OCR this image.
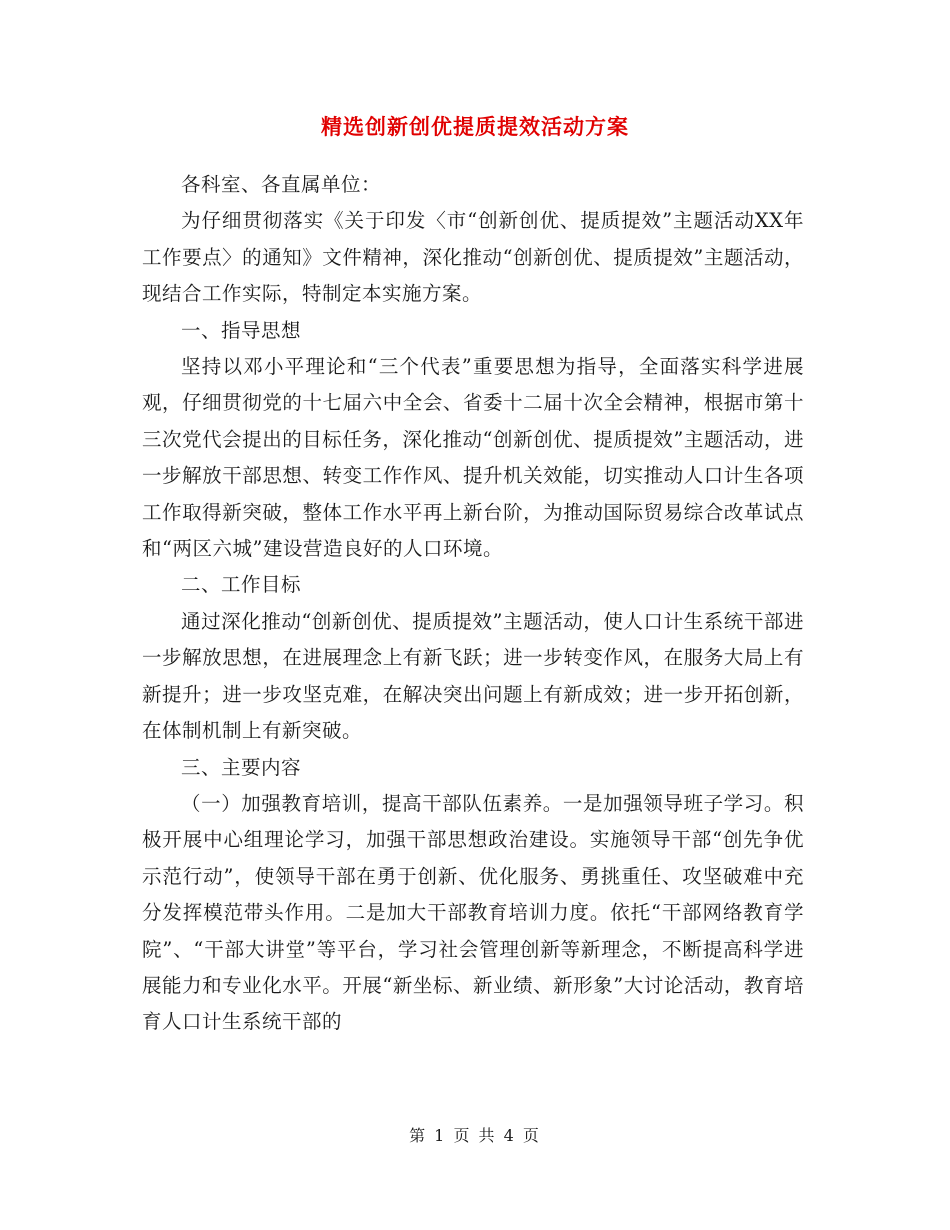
精选创新创优提质提效活动方案

各科室、各直属单位：

为仔细贯彻落实《关于印发〈市“创新创优、提质提效”主题活动XX年工作要点〉的通知》文件精神，深化推动“创新创优、提质提效”主题活动，现结合工作实际，特制定本实施方案。

一、指导思想

坚持以邓小平理论和“三个代表”重要思想为指导，全面落实科学进展观，仔细贯彻党的十七届六中全会、省委十二届十次全会精神，根据市第十三次党代会提出的目标任务，深化推动“创新创优、提质提效”主题活动，进一步解放干部思想、转变工作作风、提升机关效能，切实推动人口计生各项工作取得新突破，整体工作水平再上新台阶，为推动国际贸易综合改革试点和“两区六城”建设营造良好的人口环境。

二、工作目标

通过深化推动“创新创优、提质提效”主题活动，使人口计生系统干部进一步解放思想，在进展理念上有新飞跃；进一步转变作风，在服务大局上有新提升；进一步攻坚克难，在解决突出问题上有新成效；进一步开拓创新，在体制机制上有新突破。

三、主要内容

（一）加强教育培训，提高干部队伍素养。一是加强领导班子学习。积极开展中心组理论学习，加强干部思想政治建设。实施领导干部“创先争优示范行动”，使领导干部在勇于创新、优化服务、勇挑重任、攻坚破难中充分发挥模范带头作用。二是加大干部教育培训力度。依托“干部网络教育学院”、“干部大讲堂”等平台，学习社会管理创新等新理念，不断提高科学进展能力和专业化水平。开展“新坐标、新业绩、新形象”大讨论活动，教育培育人口计生系统干部的

第 1 页 共 4 页
